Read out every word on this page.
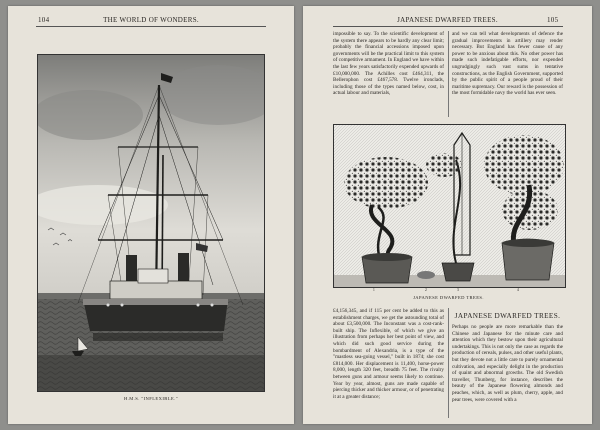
104	THE WORLD OF WONDERS.
H.M.S. "INFLEXIBLE."
JAPANESE DWARFED TREES.	105

impossible to say. To the scientific development of the system there appears to be hardly any clear limit; probably the financial accessions imposed upon governments will be the practical limit to this system of competitive armament. In England we have within the last few years satisfactorily expended upwards of £10,000,000. The Achilles cost £464,311, the Bellerophon cost £467,578. Twelve ironclads, including those of the types named below, cost, in actual labour and materials,

and we can tell what developments of defence the gradual improvements in artillery may render necessary. But England has fewer cause of any power to be anxious about this. No other power has made such indefatigable efforts, nor expended ungrudgingly such vast sums in tentative constructions, as the English Government, supported by the public spirit of a people proud of their maritime supremacy. Our reward is the possession of the most formidable navy the world has ever seen.

1	2	3	4
JAPANESE DWARFED TREES.

£4,156,345, and if 115 per cent be added to this as establishment charges, we get the astounding total of about £3,500,000. The Inconstant was a cost-rank-built ship. The Inflexible, of which we give an illustration from perhaps her best point of view, and which did such good service during the bombardment of Alexandria, is a type of the "mastless sea-going vessel," built in 1874; she cost £814,000. Her displacement is 11,400, horse-power 8,000, length 320 feet, breadth 75 feet. The rivalry between guns and armour seems likely to continue. Year by year, almost, guns are made capable of piercing thicker and thicker armour, or of penetrating it at a greater distance;

JAPANESE DWARFED TREES.

Perhaps no people are more remarkable than the Chinese and Japanese for the minute care and attention which they bestow upon their agricultural undertakings. This is not only the case as regards the production of cereals, pulses, and other useful plants, but they devote not a little care to purely ornamental cultivation, and especially delight in the production of quaint and abnormal growths. The old Swedish traveller, Thunberg, for instance, describes the beauty of the Japanese flowering almonds and peaches, which, as well as plum, cherry, apple, and pear trees, were covered with a
